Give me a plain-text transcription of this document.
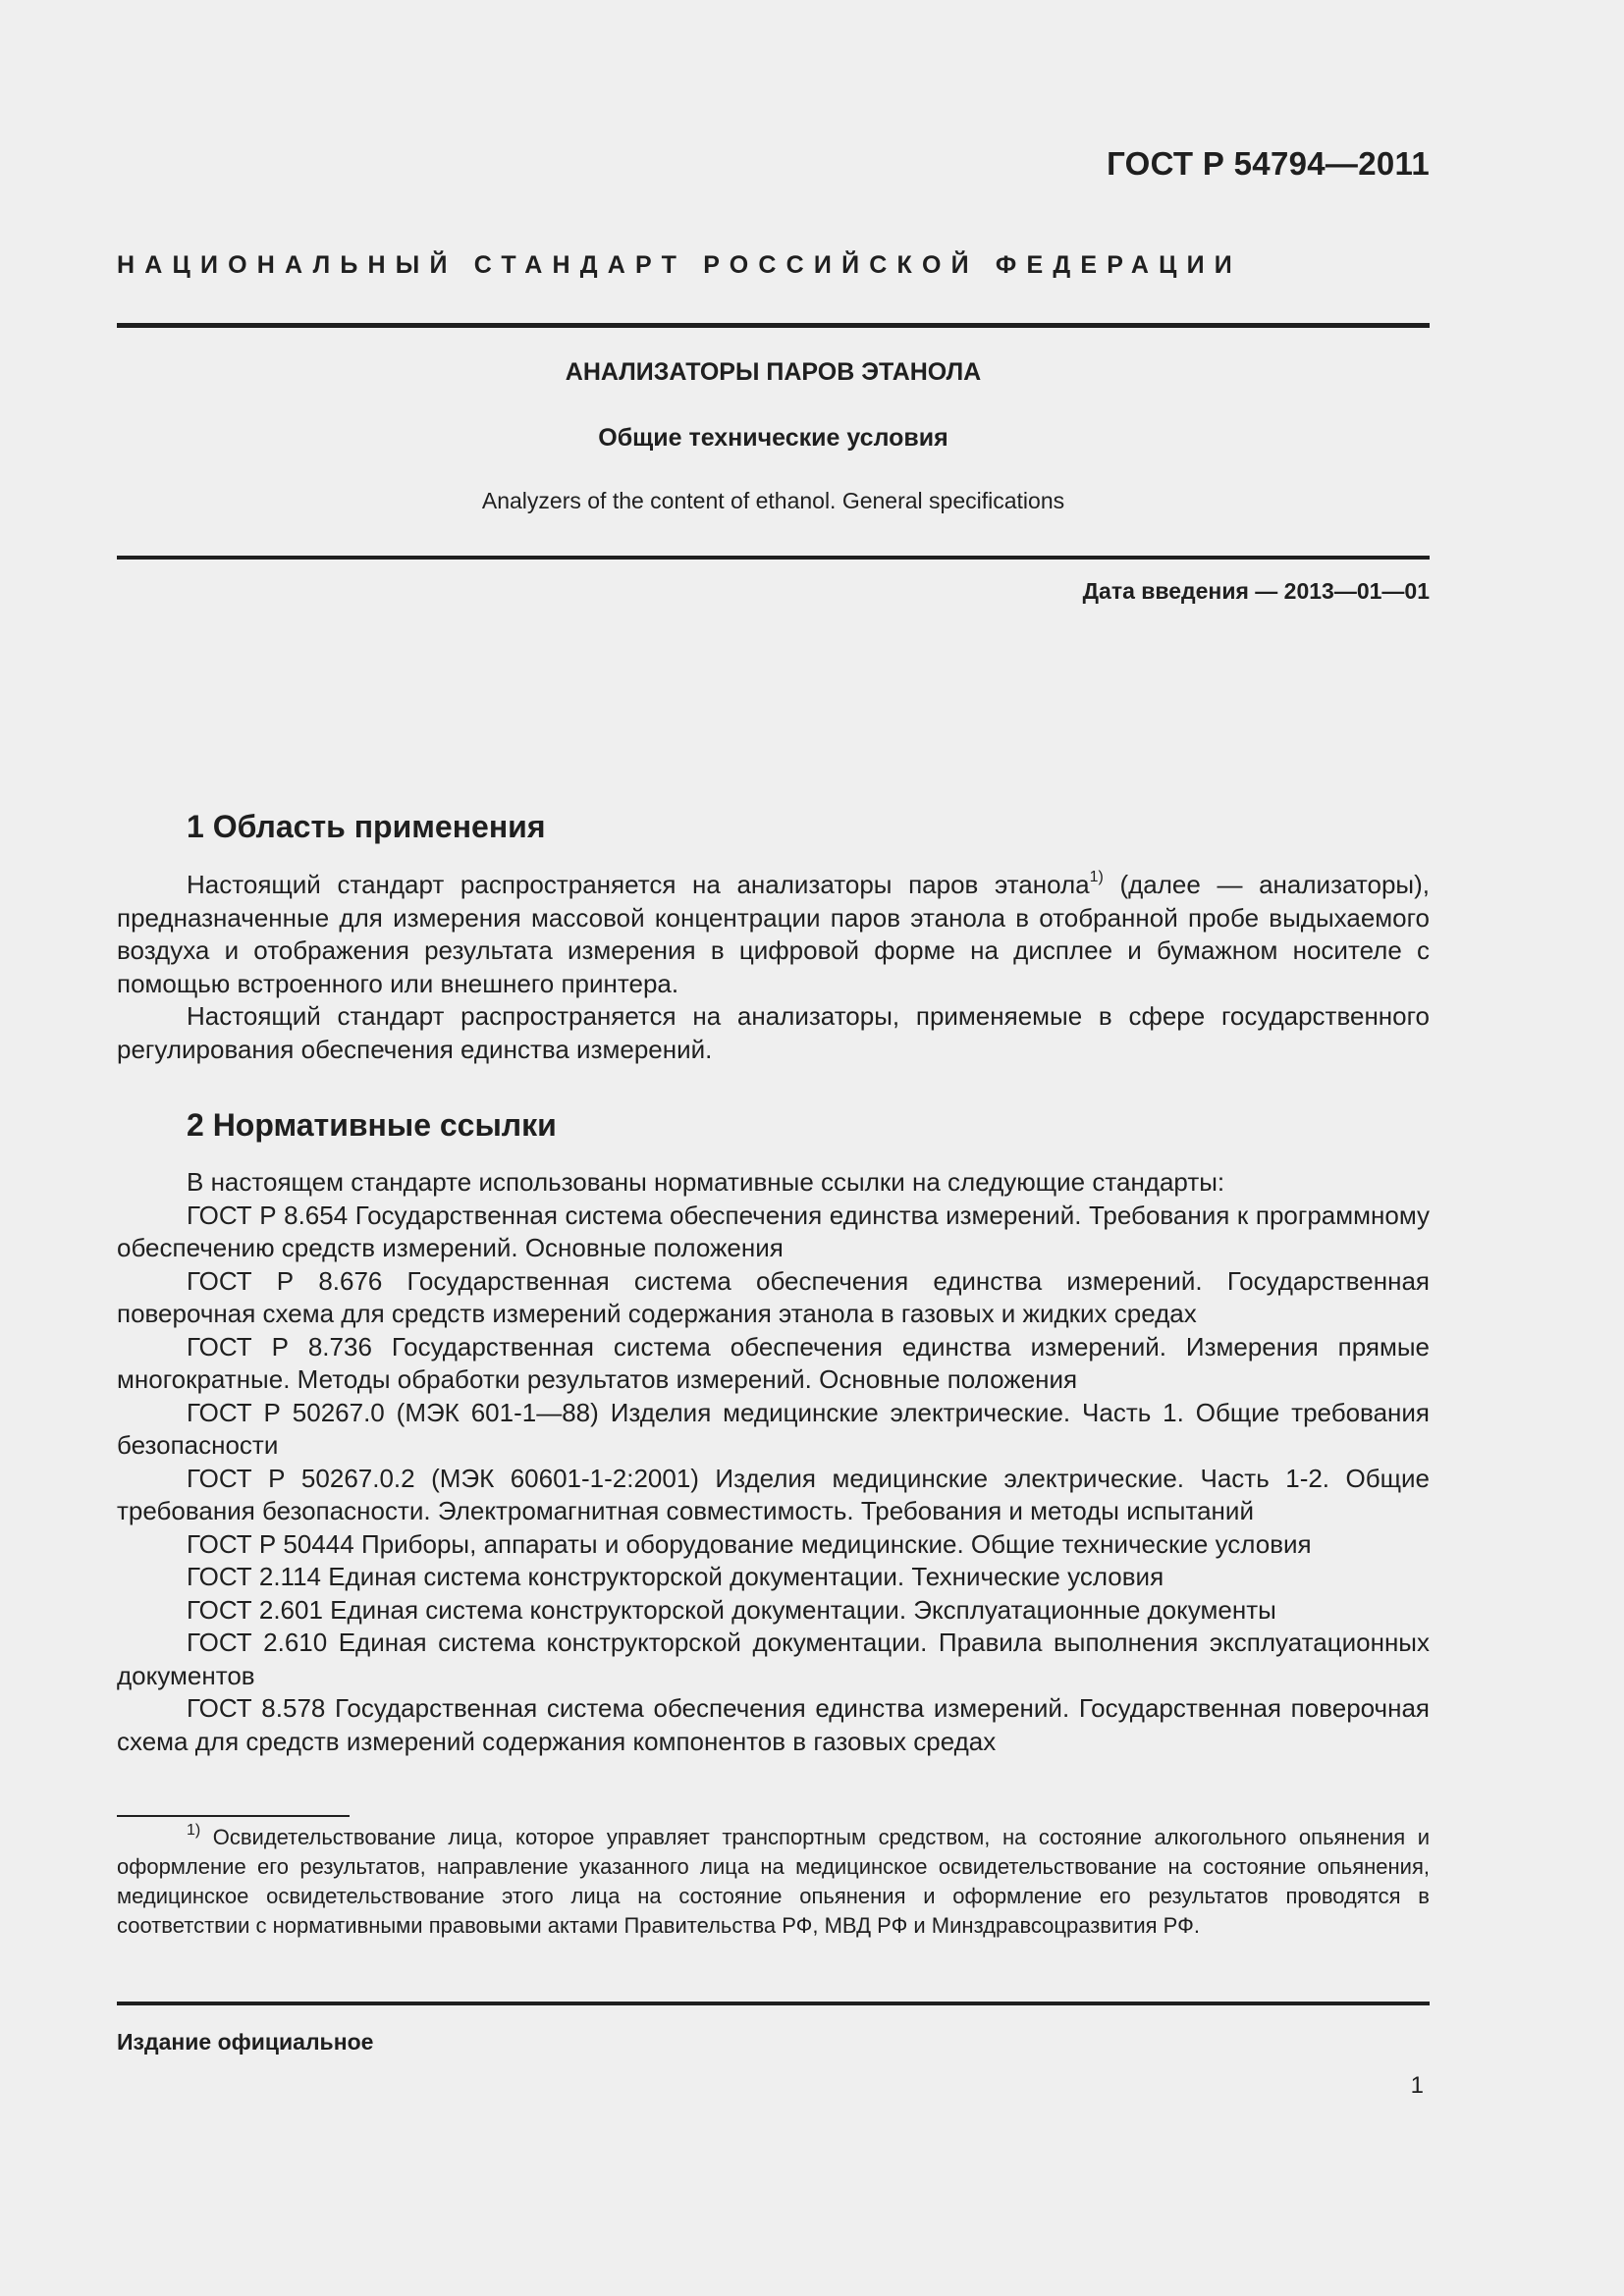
ГОСТ Р 54794—2011
НАЦИОНАЛЬНЫЙ СТАНДАРТ РОССИЙСКОЙ ФЕДЕРАЦИИ
АНАЛИЗАТОРЫ ПАРОВ ЭТАНОЛА
Общие технические условия
Analyzers of the content of ethanol. General specifications
Дата введения — 2013—01—01
1 Область применения

Настоящий стандарт распространяется на анализаторы паров этанола$^{1)}$ (далее — анализаторы), предназначенные для измерения массовой концентрации паров этанола в отобранной пробе выдыхаемого воздуха и отображения результата измерения в цифровой форме на дисплее и бумажном носителе с помощью встроенного или внешнего принтера.

Настоящий стандарт распространяется на анализаторы, применяемые в сфере государственного регулирования обеспечения единства измерений.

2 Нормативные ссылки

В настоящем стандарте использованы нормативные ссылки на следующие стандарты:

ГОСТ Р 8.654 Государственная система обеспечения единства измерений. Требования к программному обеспечению средств измерений. Основные положения

ГОСТ Р 8.676 Государственная система обеспечения единства измерений. Государственная поверочная схема для средств измерений содержания этанола в газовых и жидких средах

ГОСТ Р 8.736 Государственная система обеспечения единства измерений. Измерения прямые многократные. Методы обработки результатов измерений. Основные положения

ГОСТ Р 50267.0 (МЭК 601-1—88) Изделия медицинские электрические. Часть 1. Общие требования безопасности

ГОСТ Р 50267.0.2 (МЭК 60601-1-2:2001) Изделия медицинские электрические. Часть 1-2. Общие требования безопасности. Электромагнитная совместимость. Требования и методы испытаний

ГОСТ Р 50444 Приборы, аппараты и оборудование медицинские. Общие технические условия

ГОСТ 2.114 Единая система конструкторской документации. Технические условия

ГОСТ 2.601 Единая система конструкторской документации. Эксплуатационные документы

ГОСТ 2.610 Единая система конструкторской документации. Правила выполнения эксплуатационных документов

ГОСТ 8.578 Государственная система обеспечения единства измерений. Государственная поверочная схема для средств измерений содержания компонентов в газовых средах

$^{1)}$ Освидетельствование лица, которое управляет транспортным средством, на состояние алкогольного опьянения и оформление его результатов, направление указанного лица на медицинское освидетельствование на состояние опьянения, медицинское освидетельствование этого лица на состояние опьянения и оформление его результатов проводятся в соответствии с нормативными правовыми актами Правительства РФ, МВД РФ и Минздравсоцразвития РФ.

Издание официальное
1
